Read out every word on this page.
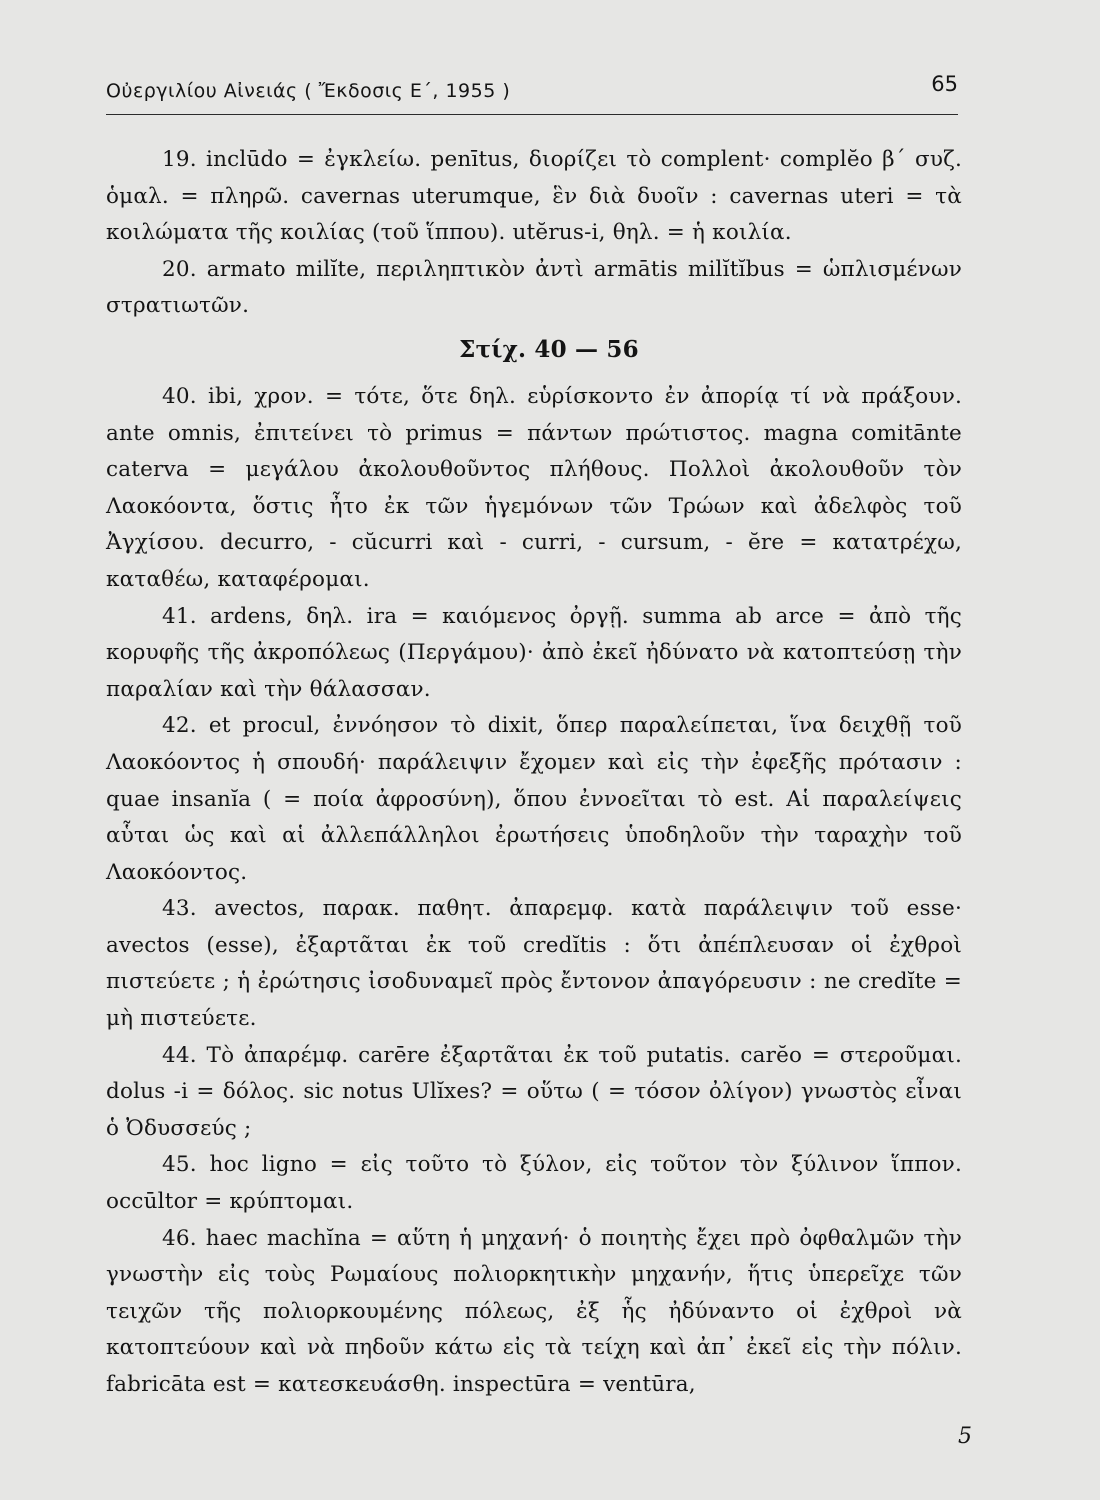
Οὐεργιλίου Αἰνειάς ( Ἔκδοσις Ε΄, 1955 )	65

19. inclūdo = ἐγκλείω. penītus, διορίζει τὸ complent· complĕo β΄ συζ. ὁμαλ. = πληρῶ. cavernas uterumque, ἓν διὰ δυοῖν : cavernas uteri = τὰ κοιλώματα τῆς κοιλίας (τοῦ ἵππου). utĕrus-i, θηλ. = ἡ κοιλία.

20. armato milĭte, περιληπτικὸν ἀντὶ armātis milĭtĭbus = ὡπλισμένων στρατιωτῶν.

Στίχ. 40 — 56

40. ibi, χρον. = τότε, ὅτε δηλ. εὑρίσκοντο ἐν ἀπορίᾳ τί νὰ πράξουν. ante omnis, ἐπιτείνει τὸ primus = πάντων πρώτιστος. magna comitānte caterva = μεγάλου ἀκολουθοῦντος πλήθους. Πολλοὶ ἀκολουθοῦν τὸν Λαοκόοντα, ὅστις ἦτο ἐκ τῶν ἡγεμόνων τῶν Τρώων καὶ ἀδελφὸς τοῦ Ἀγχίσου. decurro, - cŭcurri καὶ - curri, - cursum, - ĕre = κατατρέχω, καταθέω, καταφέρομαι.

41. ardens, δηλ. ira = καιόμενος ὀργῇ. summa ab arce = ἀπὸ τῆς κορυφῆς τῆς ἀκροπόλεως (Περγάμου)· ἀπὸ ἐκεῖ ἠδύνατο νὰ κατοπτεύσῃ τὴν παραλίαν καὶ τὴν θάλασσαν.

42. et procul, ἐννόησον τὸ dixit, ὅπερ παραλείπεται, ἵνα δειχθῇ τοῦ Λαοκόοντος ἡ σπουδή· παράλειψιν ἔχομεν καὶ εἰς τὴν ἐφεξῆς πρότασιν : quae insanĭa ( = ποία ἀφροσύνη), ὅπου ἐννοεῖται τὸ est. Αἱ παραλείψεις αὗται ὡς καὶ αἱ ἀλλεπάλληλοι ἐρωτήσεις ὑποδηλοῦν τὴν ταραχὴν τοῦ Λαοκόοντος.

43. avectos, παρακ. παθητ. ἀπαρεμφ. κατὰ παράλειψιν τοῦ esse· avectos (esse), ἐξαρτᾶται ἐκ τοῦ credĭtis : ὅτι ἀπέπλευσαν οἱ ἐχθροὶ πιστεύετε ; ἡ ἐρώτησις ἰσοδυναμεῖ πρὸς ἔντονον ἀπαγόρευσιν : ne credĭte = μὴ πιστεύετε.

44. Τὸ ἀπαρέμφ. carēre ἐξαρτᾶται ἐκ τοῦ putatis. carĕo = στεροῦμαι. dolus -i = δόλος. sic notus Ulĭxes? = οὕτω ( = τόσον ὀλίγον) γνωστὸς εἶναι ὁ Ὀδυσσεύς ;

45. hoc ligno = εἰς τοῦτο τὸ ξύλον, εἰς τοῦτον τὸν ξύλινον ἵππον. occūltor = κρύπτομαι.

46. haec machĭna = αὕτη ἡ μηχανή· ὁ ποιητὴς ἔχει πρὸ ὀφθαλμῶν τὴν γνωστὴν εἰς τοὺς Ρωμαίους πολιορκητικὴν μηχανήν, ἥτις ὑπερεῖχε τῶν τειχῶν τῆς πολιορκουμένης πόλεως, ἐξ ἧς ἠδύναντο οἱ ἐχθροὶ νὰ κατοπτεύουν καὶ νὰ πηδοῦν κάτω εἰς τὰ τείχη καὶ ἀπ᾽ ἐκεῖ εἰς τὴν πόλιν. fabricāta est = κατεσκευάσθη. inspectūra = ventūra,

5
